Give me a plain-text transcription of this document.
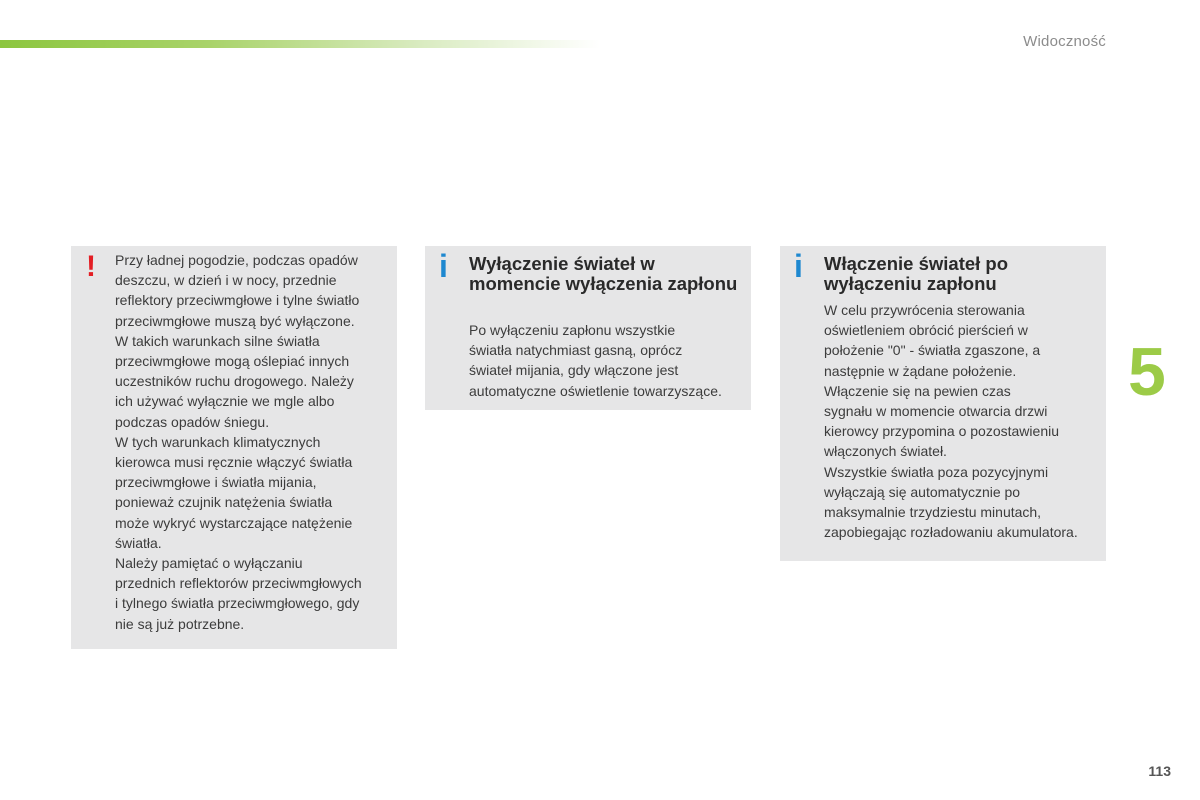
Widoczność
! Przy ładnej pogodzie, podczas opadów
deszczu, w dzień i w nocy, przednie
reflektory przeciwmgłowe i tylne światło
przeciwmgłowe muszą być wyłączone.
W takich warunkach silne światła
przeciwmgłowe mogą oślepiać innych
uczestników ruchu drogowego. Należy
ich używać wyłącznie we mgle albo
podczas opadów śniegu.
W tych warunkach klimatycznych
kierowca musi ręcznie włączyć światła
przeciwmgłowe i światła mijania,
ponieważ czujnik natężenia światła
może wykryć wystarczające natężenie
światła.
Należy pamiętać o wyłączaniu
przednich reflektorów przeciwmgłowych
i tylnego światła przeciwmgłowego, gdy
nie są już potrzebne.
i Wyłączenie świateł w momencie wyłączenia zapłonu
Po wyłączeniu zapłonu wszystkie
światła natychmiast gasną, oprócz
świateł mijania, gdy włączone jest
automatyczne oświetlenie towarzyszące.
i Włączenie świateł po wyłączeniu zapłonu
W celu przywrócenia sterowania
oświetleniem obrócić pierścień w
położenie "0" - światła zgaszone, a
następnie w żądane położenie.
Włączenie się na pewien czas
sygnału w momencie otwarcia drzwi
kierowcy przypomina o pozostawieniu
włączonych świateł.
Wszystkie światła poza pozycyjnymi
wyłączają się automatycznie po
maksymalnie trzydziestu minutach,
zapobiegając rozładowaniu akumulatora.
5
113
